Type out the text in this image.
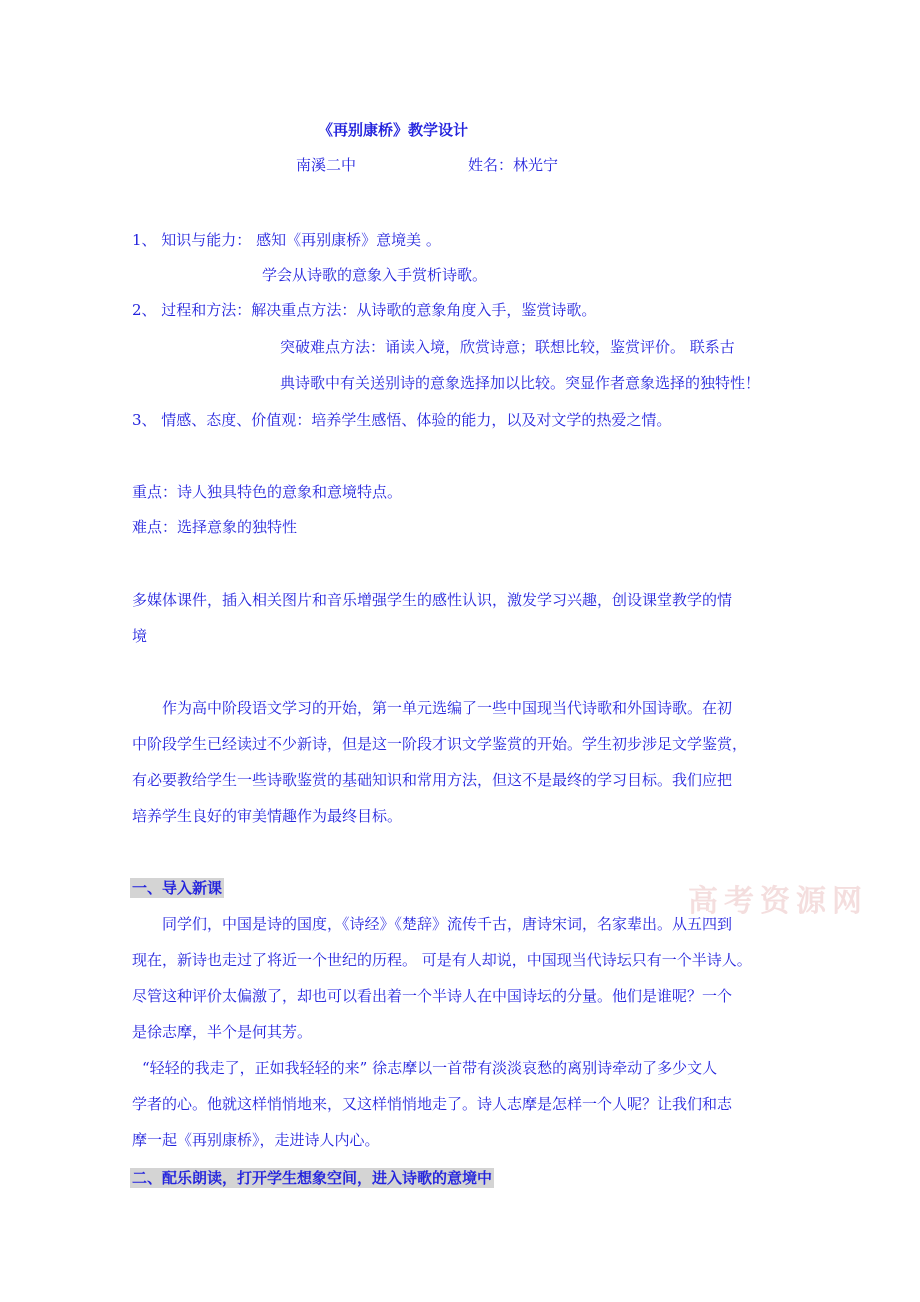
高考资源网
《再别康桥》教学设计
南溪二中	姓名：林光宁
1、 知识与能力： 感知《再别康桥》意境美 。
学会从诗歌的意象入手赏析诗歌。
2、 过程和方法：解决重点方法：从诗歌的意象角度入手，鉴赏诗歌。
突破难点方法：诵读入境，欣赏诗意；联想比较，鉴赏评价。 联系古
典诗歌中有关送别诗的意象选择加以比较。突显作者意象选择的独特性！
3、 情感、态度、价值观：培养学生感悟、体验的能力，以及对文学的热爱之情。
重点：诗人独具特色的意象和意境特点。
难点：选择意象的独特性
多媒体课件，插入相关图片和音乐增强学生的感性认识，激发学习兴趣，创设课堂教学的情
境
作为高中阶段语文学习的开始，第一单元选编了一些中国现当代诗歌和外国诗歌。在初
中阶段学生已经读过不少新诗，但是这一阶段才识文学鉴赏的开始。学生初步涉足文学鉴赏，
有必要教给学生一些诗歌鉴赏的基础知识和常用方法，但这不是最终的学习目标。我们应把
培养学生良好的审美情趣作为最终目标。
一、导入新课
同学们，中国是诗的国度，《诗经》《楚辞》流传千古，唐诗宋词，名家辈出。从五四到
现在，新诗也走过了将近一个世纪的历程。 可是有人却说，中国现当代诗坛只有一个半诗人。
尽管这种评价太偏激了，却也可以看出着一个半诗人在中国诗坛的分量。他们是谁呢？一个
是徐志摩，半个是何其芳。
“轻轻的我走了，正如我轻轻的来” 徐志摩以一首带有淡淡哀愁的离别诗牵动了多少文人
学者的心。他就这样悄悄地来，又这样悄悄地走了。诗人志摩是怎样一个人呢？让我们和志
摩一起《再别康桥》，走进诗人内心。
二、配乐朗读，打开学生想象空间，进入诗歌的意境中
